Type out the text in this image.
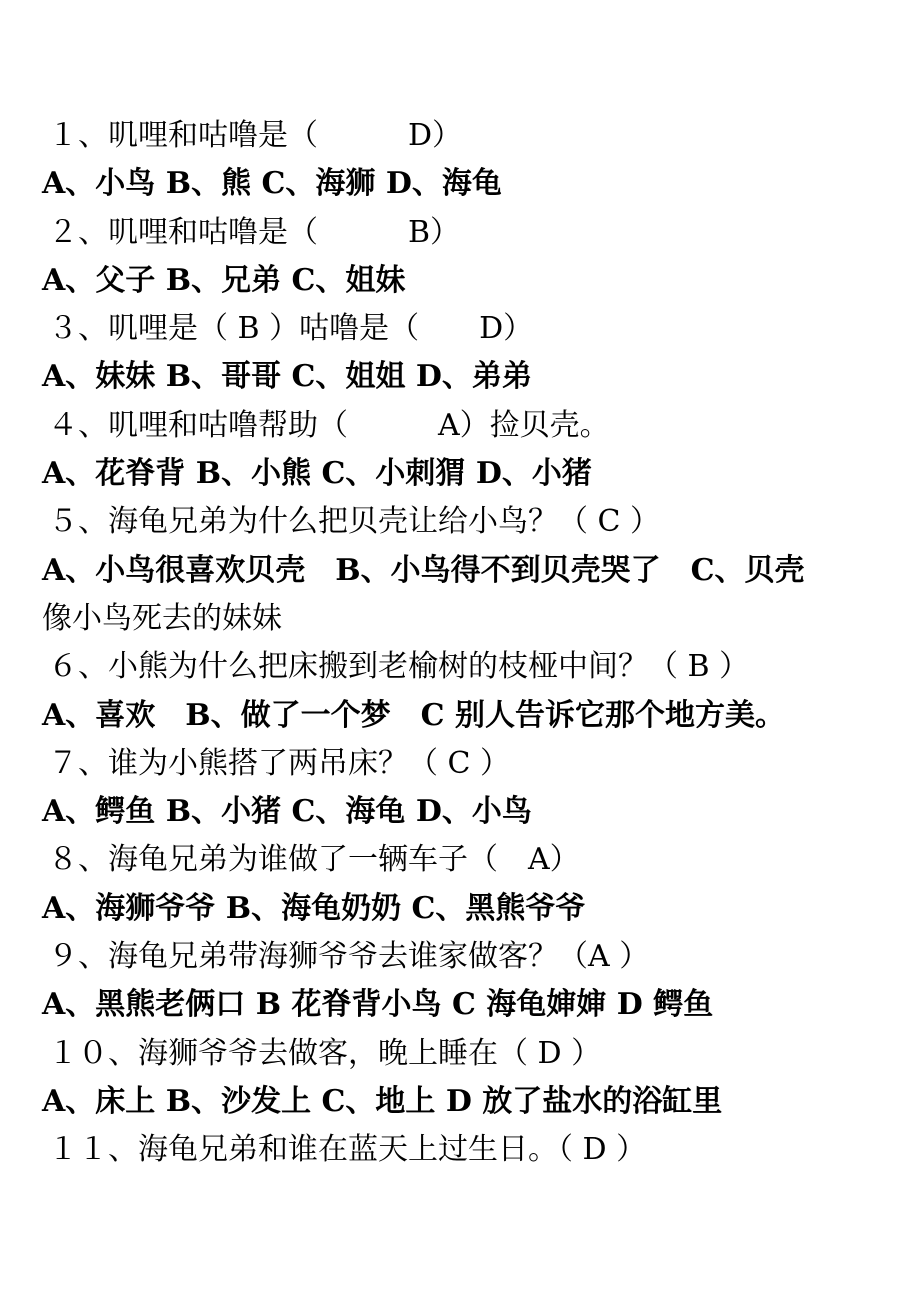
１、叽哩和咕噜是（　　　D）
A、小鸟 B、熊 C、海狮 D、海龟
２、叽哩和咕噜是（　　　B）
A、父子 B、兄弟 C、姐妹
３、叽哩是（ B ）咕噜是（　　D）
A、妹妹 B、哥哥 C、姐姐 D、弟弟
４、叽哩和咕噜帮助（　　　A）捡贝壳。
A、花脊背 B、小熊 C、小刺猬 D、小猪
５、海龟兄弟为什么把贝壳让给小鸟？（ C ）
A、小鸟很喜欢贝壳　B、小鸟得不到贝壳哭了　C、贝壳
像小鸟死去的妹妹
６、小熊为什么把床搬到老榆树的枝桠中间？（ B ）
A、喜欢　B、做了一个梦　C 别人告诉它那个地方美。
７、谁为小熊搭了两吊床？（ C ）
A、鳄鱼 B、小猪 C、海龟 D、小鸟
８、海龟兄弟为谁做了一辆车子（　A）
A、海狮爷爷 B、海龟奶奶 C、黑熊爷爷
９、海龟兄弟带海狮爷爷去谁家做客？（A ）
A、黑熊老俩口 B 花脊背小鸟 C 海龟婶婶 D 鳄鱼
１０、海狮爷爷去做客，晚上睡在（ D ）
A、床上 B、沙发上 C、地上 D 放了盐水的浴缸里
１１、海龟兄弟和谁在蓝天上过生日。（ D ）
